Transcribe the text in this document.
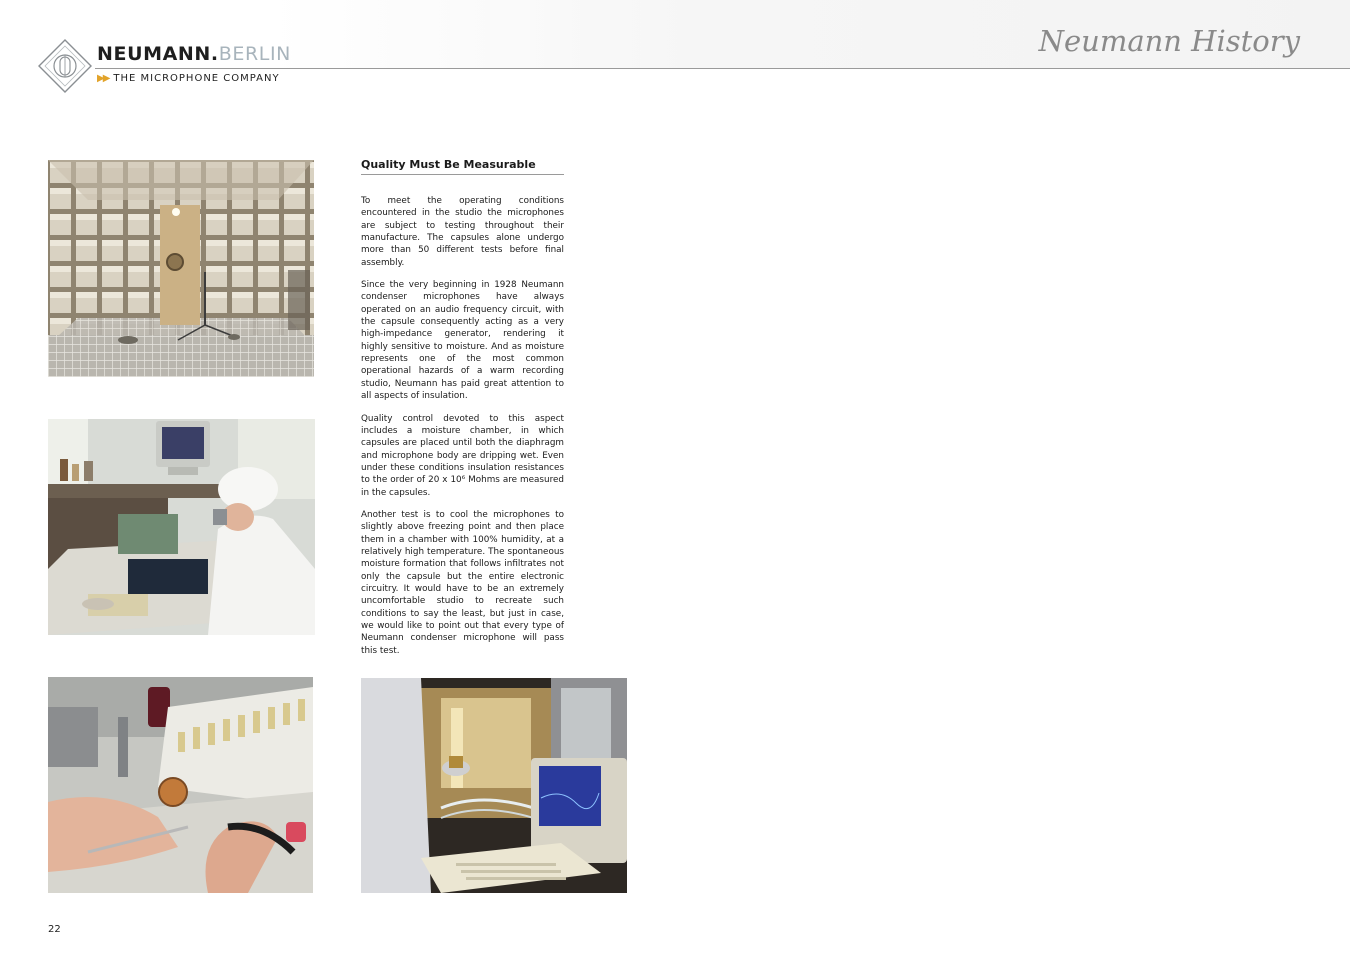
NEUMANN.BERLIN
▶▶ THE MICROPHONE COMPANY
Neumann History
Quality Must Be Measurable

To meet the operating conditions encountered in the studio the microphones are subject to testing throughout their manufacture. The capsules alone undergo more than 50 different tests before final assembly.

Since the very beginning in 1928 Neumann condenser microphones have always operated on an audio frequency circuit, with the capsule consequently acting as a very high-impedance generator, rendering it highly sensitive to moisture. And as moisture represents one of the most common operational hazards of a warm recording studio, Neumann has paid great attention to all aspects of insulation.

Quality control devoted to this aspect includes a moisture chamber, in which capsules are placed until both the diaphragm and microphone body are dripping wet. Even under these conditions insulation resistances to the order of 20 x 10⁶ Mohms are measured in the capsules.

Another test is to cool the microphones to slightly above freezing point and then place them in a chamber with 100% humidity, at a relatively high temperature. The spontaneous moisture formation that follows infiltrates not only the capsule but the entire electronic circuitry. It would have to be an extremely uncomfortable studio to recreate such conditions to say the least, but just in case, we would like to point out that every type of Neumann condenser microphone will pass this test.

22
